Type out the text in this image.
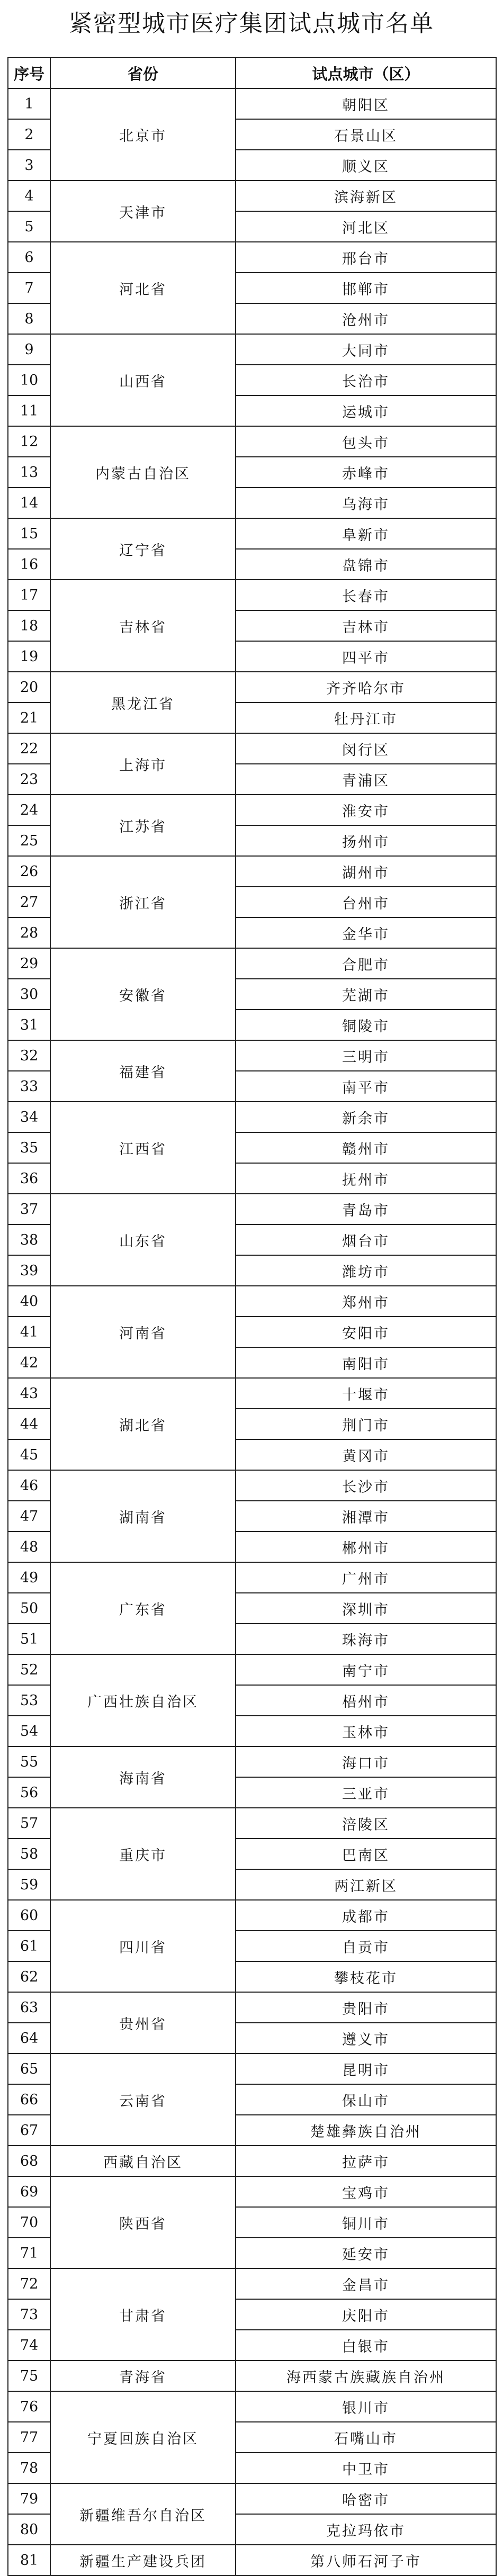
紧密型城市医疗集团试点城市名单
序号	省份	试点城市（区）
1	北京市	朝阳区
2		石景山区
3		顺义区
4	天津市	滨海新区
5		河北区
6	河北省	邢台市
7		邯郸市
8		沧州市
9	山西省	大同市
10		长治市
11		运城市
12	内蒙古自治区	包头市
13		赤峰市
14		乌海市
15	辽宁省	阜新市
16		盘锦市
17	吉林省	长春市
18		吉林市
19		四平市
20	黑龙江省	齐齐哈尔市
21		牡丹江市
22	上海市	闵行区
23		青浦区
24	江苏省	淮安市
25		扬州市
26	浙江省	湖州市
27		台州市
28		金华市
29	安徽省	合肥市
30		芜湖市
31		铜陵市
32	福建省	三明市
33		南平市
34	江西省	新余市
35		赣州市
36		抚州市
37	山东省	青岛市
38		烟台市
39		潍坊市
40	河南省	郑州市
41		安阳市
42		南阳市
43	湖北省	十堰市
44		荆门市
45		黄冈市
46	湖南省	长沙市
47		湘潭市
48		郴州市
49	广东省	广州市
50		深圳市
51		珠海市
52	广西壮族自治区	南宁市
53		梧州市
54		玉林市
55	海南省	海口市
56		三亚市
57	重庆市	涪陵区
58		巴南区
59		两江新区
60	四川省	成都市
61		自贡市
62		攀枝花市
63	贵州省	贵阳市
64		遵义市
65	云南省	昆明市
66		保山市
67		楚雄彝族自治州
68	西藏自治区	拉萨市
69	陕西省	宝鸡市
70		铜川市
71		延安市
72	甘肃省	金昌市
73		庆阳市
74		白银市
75	青海省	海西蒙古族藏族自治州
76	宁夏回族自治区	银川市
77		石嘴山市
78		中卫市
79	新疆维吾尔自治区	哈密市
80		克拉玛依市
81	新疆生产建设兵团	第八师石河子市
